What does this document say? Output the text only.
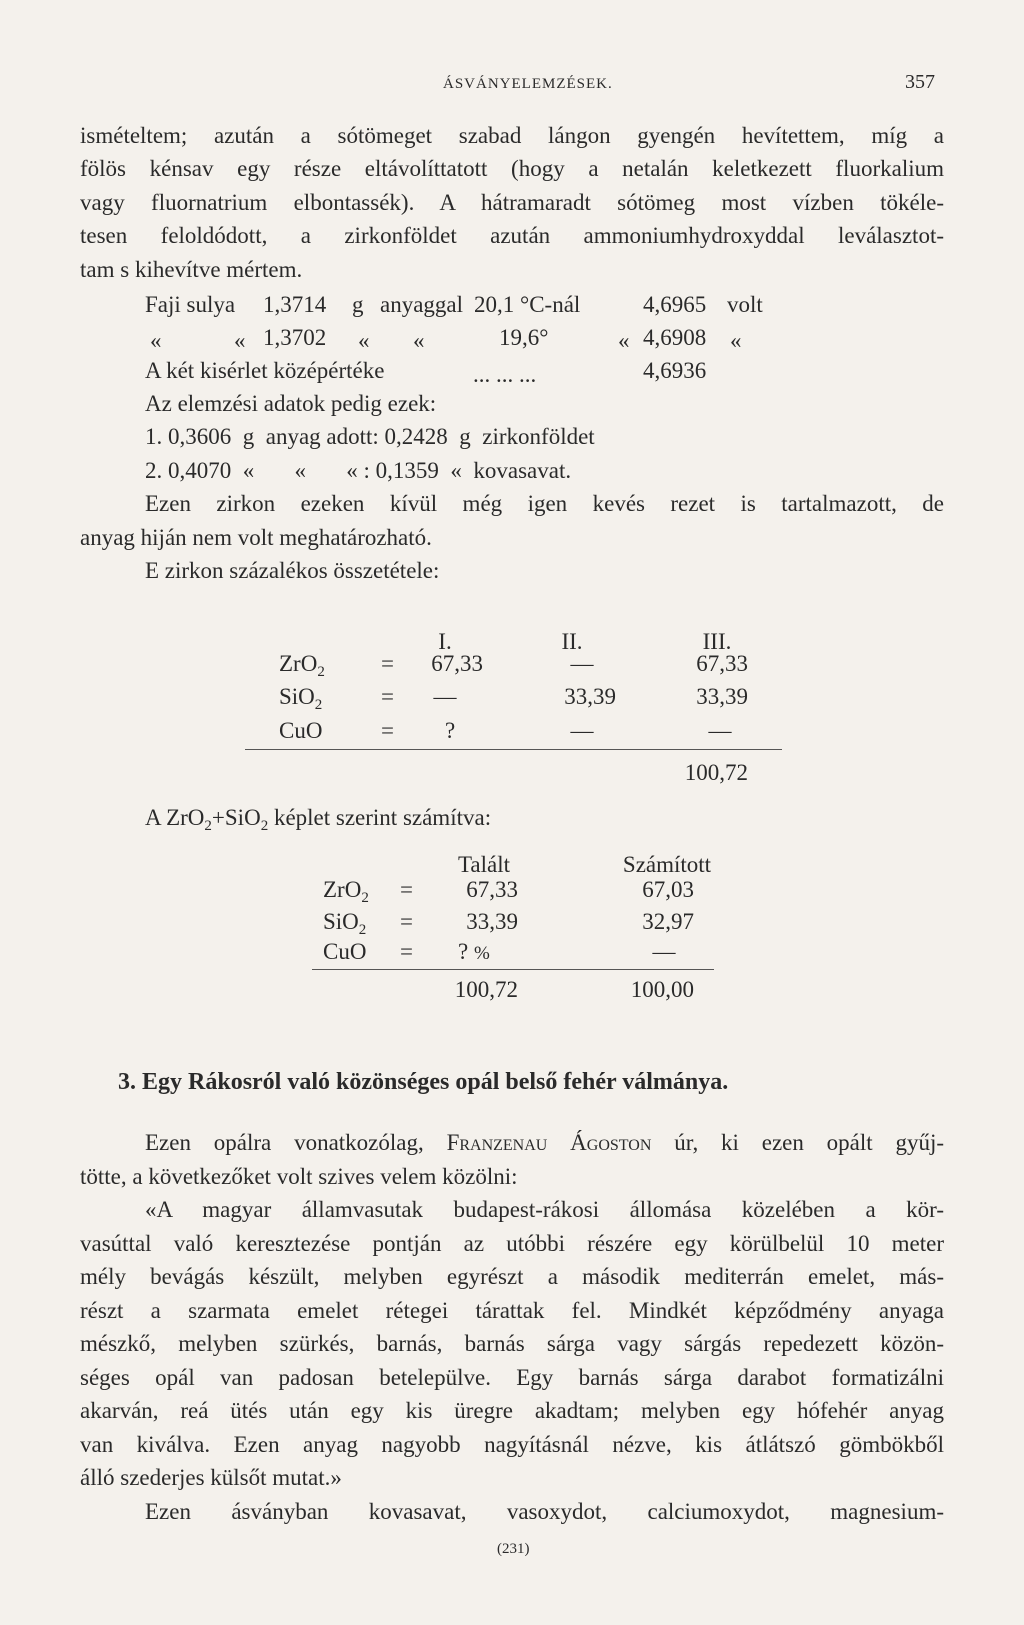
ÁSVÁNYELEMZÉSEK.	357
ismételtem; azután a sótömeget szabad lángon gyengén hevítettem, míg a
fölös kénsav egy része eltávolíttatott (hogy a netalán keletkezett fluorkalium
vagy fluornatrium elbontassék). A hátramaradt sótömeg most vízben tökéle-
tesen feloldódott, a zirkonföldet azután ammoniumhydroxyddal leválasztot-
tam s kihevítve mértem.
Faji sulya 1,3714 g anyaggal 20,1 °C-nál	4,6965 volt
«	« 1,3702 « «	19,6°	« 4,6908 «
A két kisérlet középértéke	... ... ...	4,6936
Az elemzési adatok pedig ezek:
1. 0,3606  g  anyag adott: 0,2428  g  zirkonföldet
2. 0,4070  «       «       « : 0,1359  «  kovasavat.
Ezen zirkon ezeken kívül még igen kevés rezet is tartalmazott, de
anyag hiján nem volt meghatározható.
E zirkon százalékos összetétele:
I.	II.	III.
ZrO$_2$ =	67,33	—	67,33
SiO$_2$	=	—	33,39	33,39
CuO	= ?	—	—
100,72
A ZrO$_2$+SiO$_2$ képlet szerint számítva:
Talált	Számított
ZrO$_2$ =	67,33	67,03
SiO$_2$ =	33,39	32,97
CuO = ? %	—
100,72	100,00
3. Egy Rákosról való közönséges opál belső fehér válmánya.
Ezen opálra vonatkozólag, Franzenau Ágoston úr, ki ezen opált gyűj-
tötte, a következőket volt szives velem közölni:
«A magyar államvasutak budapest-rákosi állomása közelében a kör-
vasúttal való keresztezése pontján az utóbbi részére egy körülbelül 10 meter
mély bevágás készült, melyben egyrészt a második mediterrán emelet, más-
részt a szarmata emelet rétegei tárattak fel. Mindkét képződmény anyaga
mészkő, melyben szürkés, barnás, barnás sárga vagy sárgás repedezett közön-
séges opál van padosan betelepülve. Egy barnás sárga darabot formatizálni
akarván, reá ütés után egy kis üregre akadtam; melyben egy hófehér anyag
van kiválva. Ezen anyag nagyobb nagyításnál nézve, kis átlátszó gömbökből
álló szederjes külsőt mutat.»
Ezen ásványban kovasavat, vasoxydot, calciumoxydot, magnesium-
(231)
